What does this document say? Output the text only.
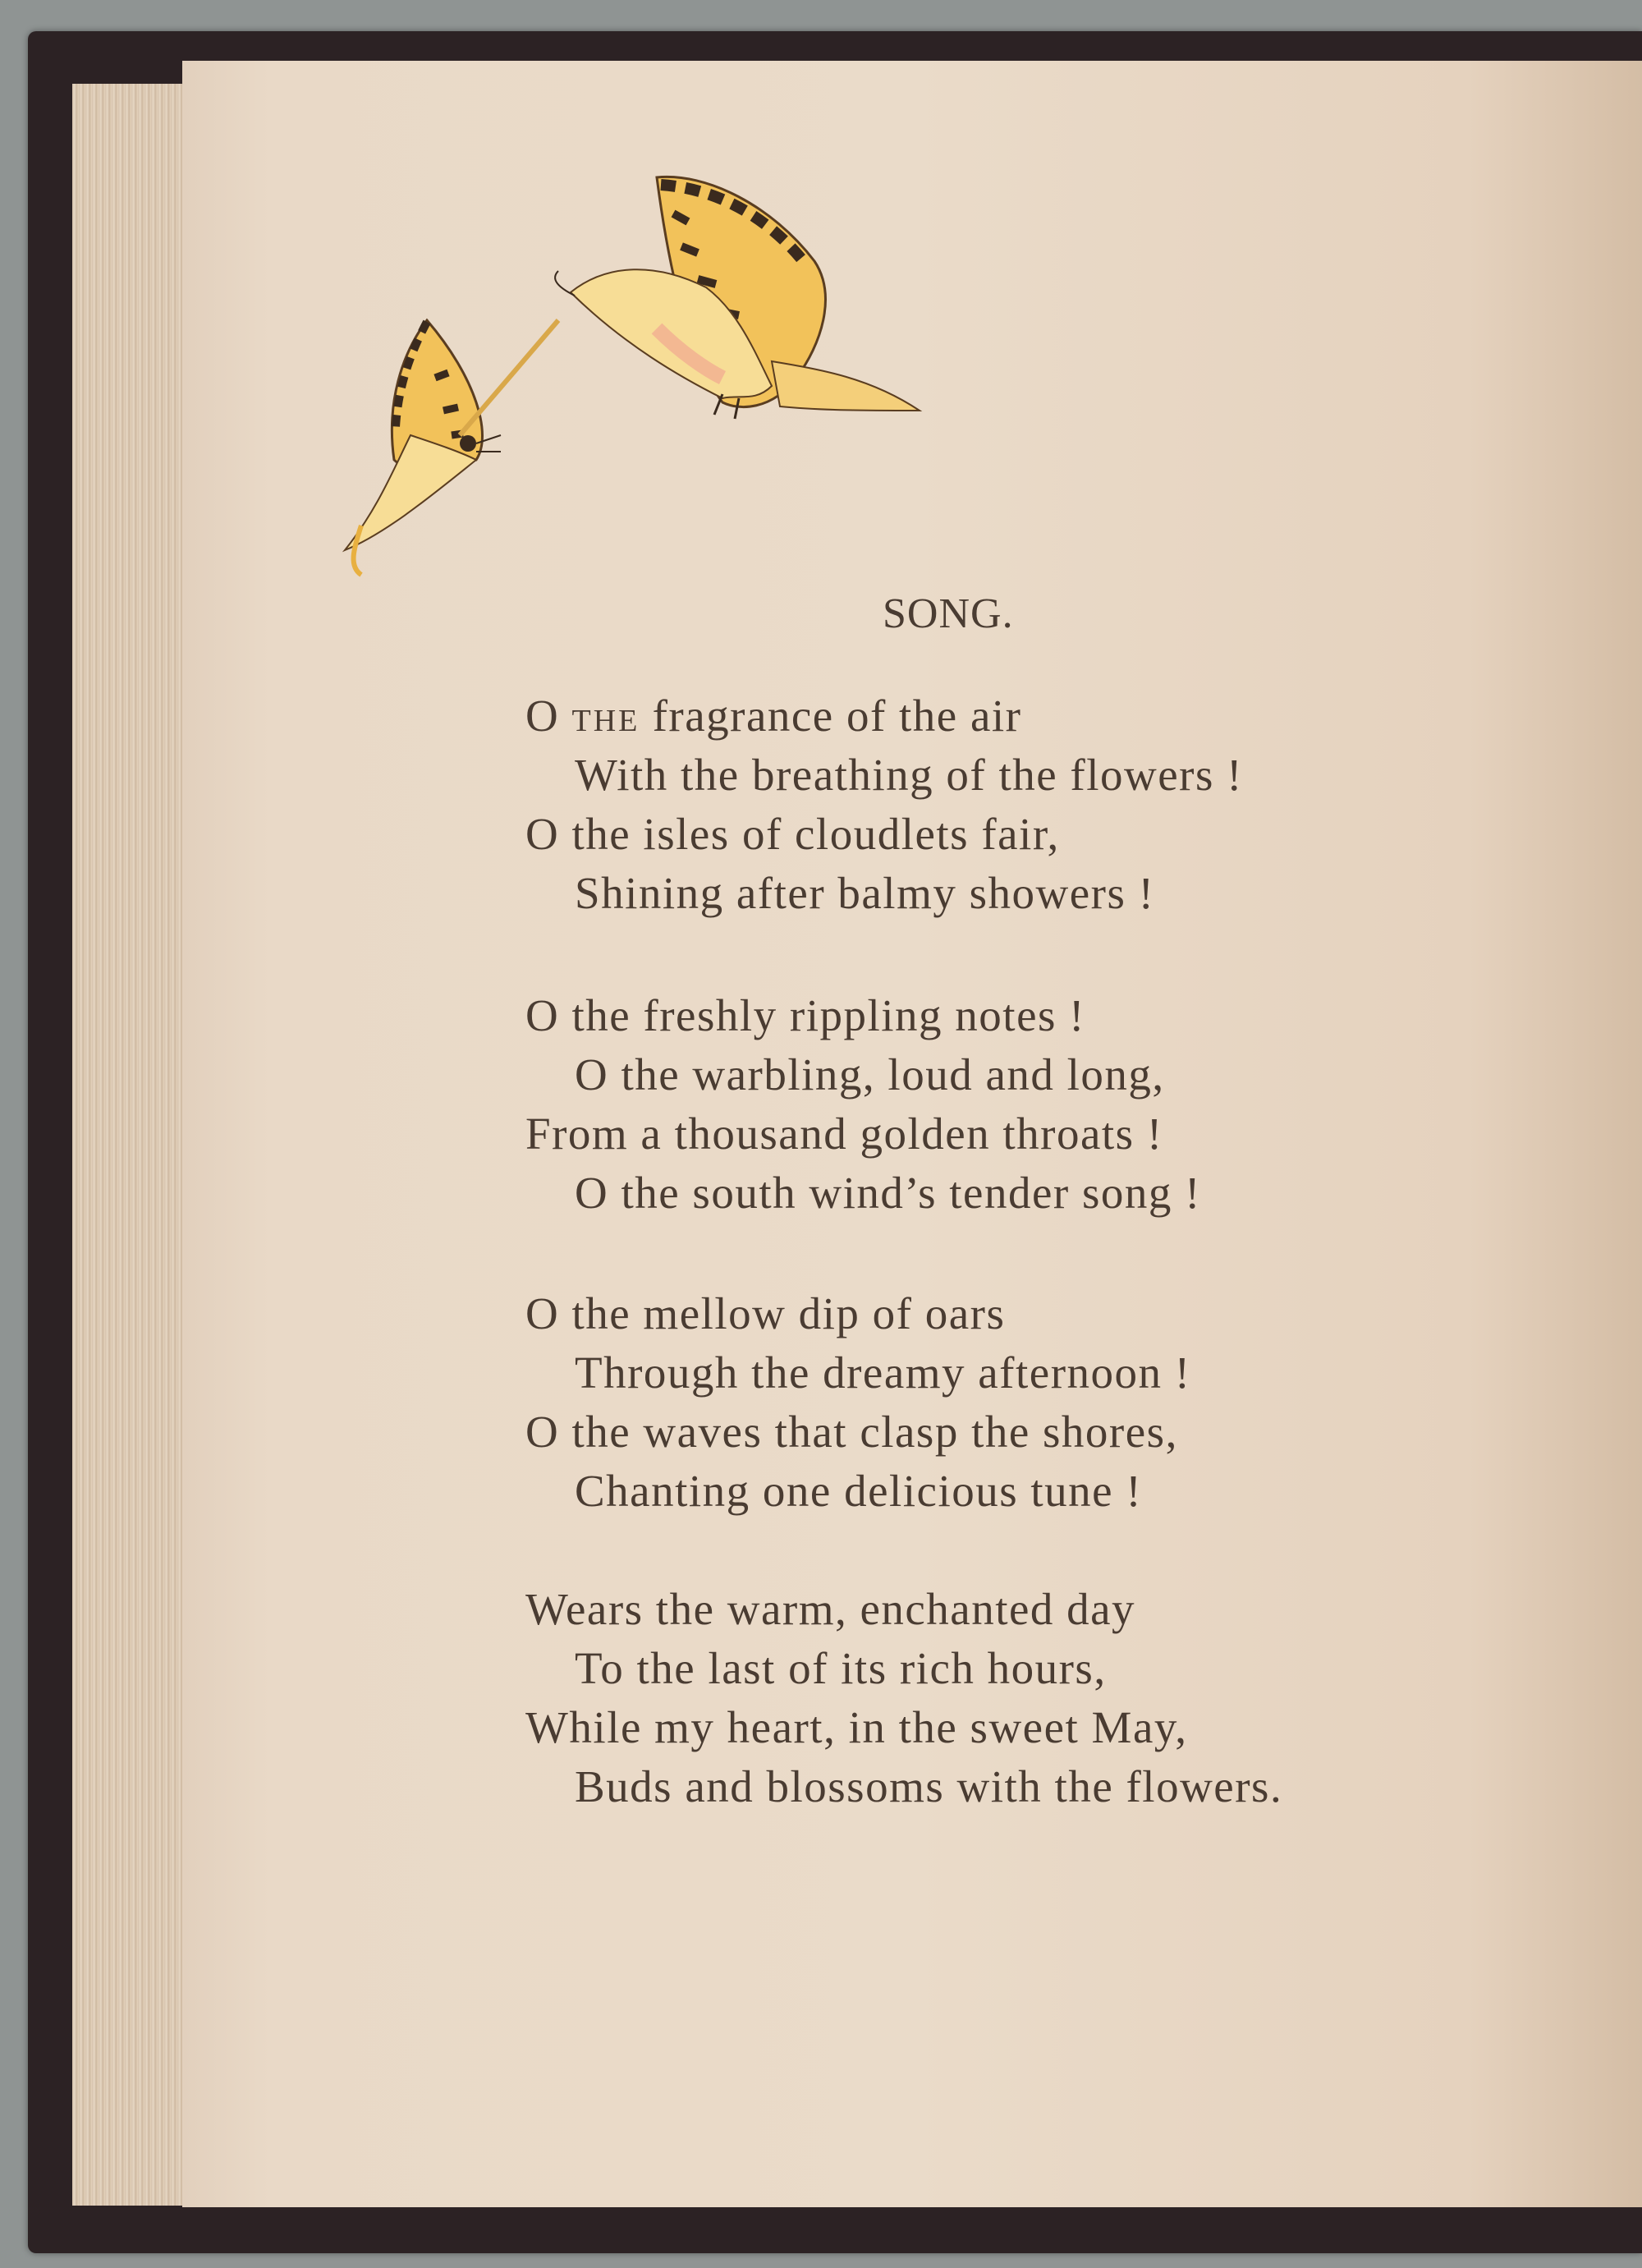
SONG.
O THE fragrance of the air
With the breathing of the flowers !
O the isles of cloudlets fair,
Shining after balmy showers !
O the freshly rippling notes !
O the warbling, loud and long,
From a thousand golden throats !
O the south wind’s tender song !
O the mellow dip of oars
Through the dreamy afternoon !
O the waves that clasp the shores,
Chanting one delicious tune !
Wears the warm, enchanted day
To the last of its rich hours,
While my heart, in the sweet May,
Buds and blossoms with the flowers.
